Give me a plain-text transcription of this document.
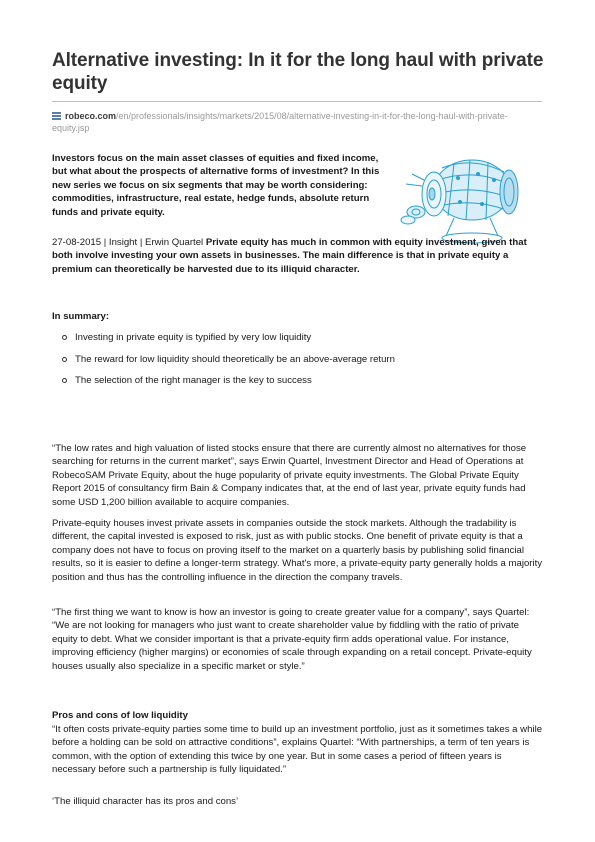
Alternative investing: In it for the long haul with private equity
robeco.com/en/professionals/insights/markets/2015/08/alternative-investing-in-it-for-the-long-haul-with-private-equity.jsp

Investors focus on the main asset classes of equities and fixed income, but what about the prospects of alternative forms of investment? In this new series we focus on six segments that may be worth considering: commodities, infrastructure, real estate, hedge funds, absolute return funds and private equity.

27-08-2015 | Insight | Erwin Quartel Private equity has much in common with equity investment, given that both involve investing your own assets in businesses. The main difference is that in private equity a premium can theoretically be harvested due to its illiquid character.

In summary:

Investing in private equity is typified by very low liquidity
The reward for low liquidity should theoretically be an above-average return
The selection of the right manager is the key to success

“The low rates and high valuation of listed stocks ensure that there are currently almost no alternatives for those searching for returns in the current market”, says Erwin Quartel, Investment Director and Head of Operations at RobecoSAM Private Equity, about the huge popularity of private equity investments. The Global Private Equity Report 2015 of consultancy firm Bain & Company indicates that, at the end of last year, private equity funds had some USD 1,200 billion available to acquire companies.

Private-equity houses invest private assets in companies outside the stock markets. Although the tradability is different, the capital invested is exposed to risk, just as with public stocks. One benefit of private equity is that a company does not have to focus on proving itself to the market on a quarterly basis by publishing solid financial results, so it is easier to define a longer-term strategy. What's more, a private-equity party generally holds a majority position and thus has the controlling influence in the direction the company travels.

“The first thing we want to know is how an investor is going to create greater value for a company”, says Quartel: “We are not looking for managers who just want to create shareholder value by fiddling with the ratio of private equity to debt. What we consider important is that a private-equity firm adds operational value. For instance, improving efficiency (higher margins) or economies of scale through expanding on a retail concept. Private-equity houses usually also specialize in a specific market or style.”

Pros and cons of low liquidity

“It often costs private-equity parties some time to build up an investment portfolio, just as it sometimes takes a while before a holding can be sold on attractive conditions”, explains Quartel: “With partnerships, a term of ten years is common, with the option of extending this twice by one year. But in some cases a period of fifteen years is necessary before such a partnership is fully liquidated.”

‘The illiquid character has its pros and cons’
